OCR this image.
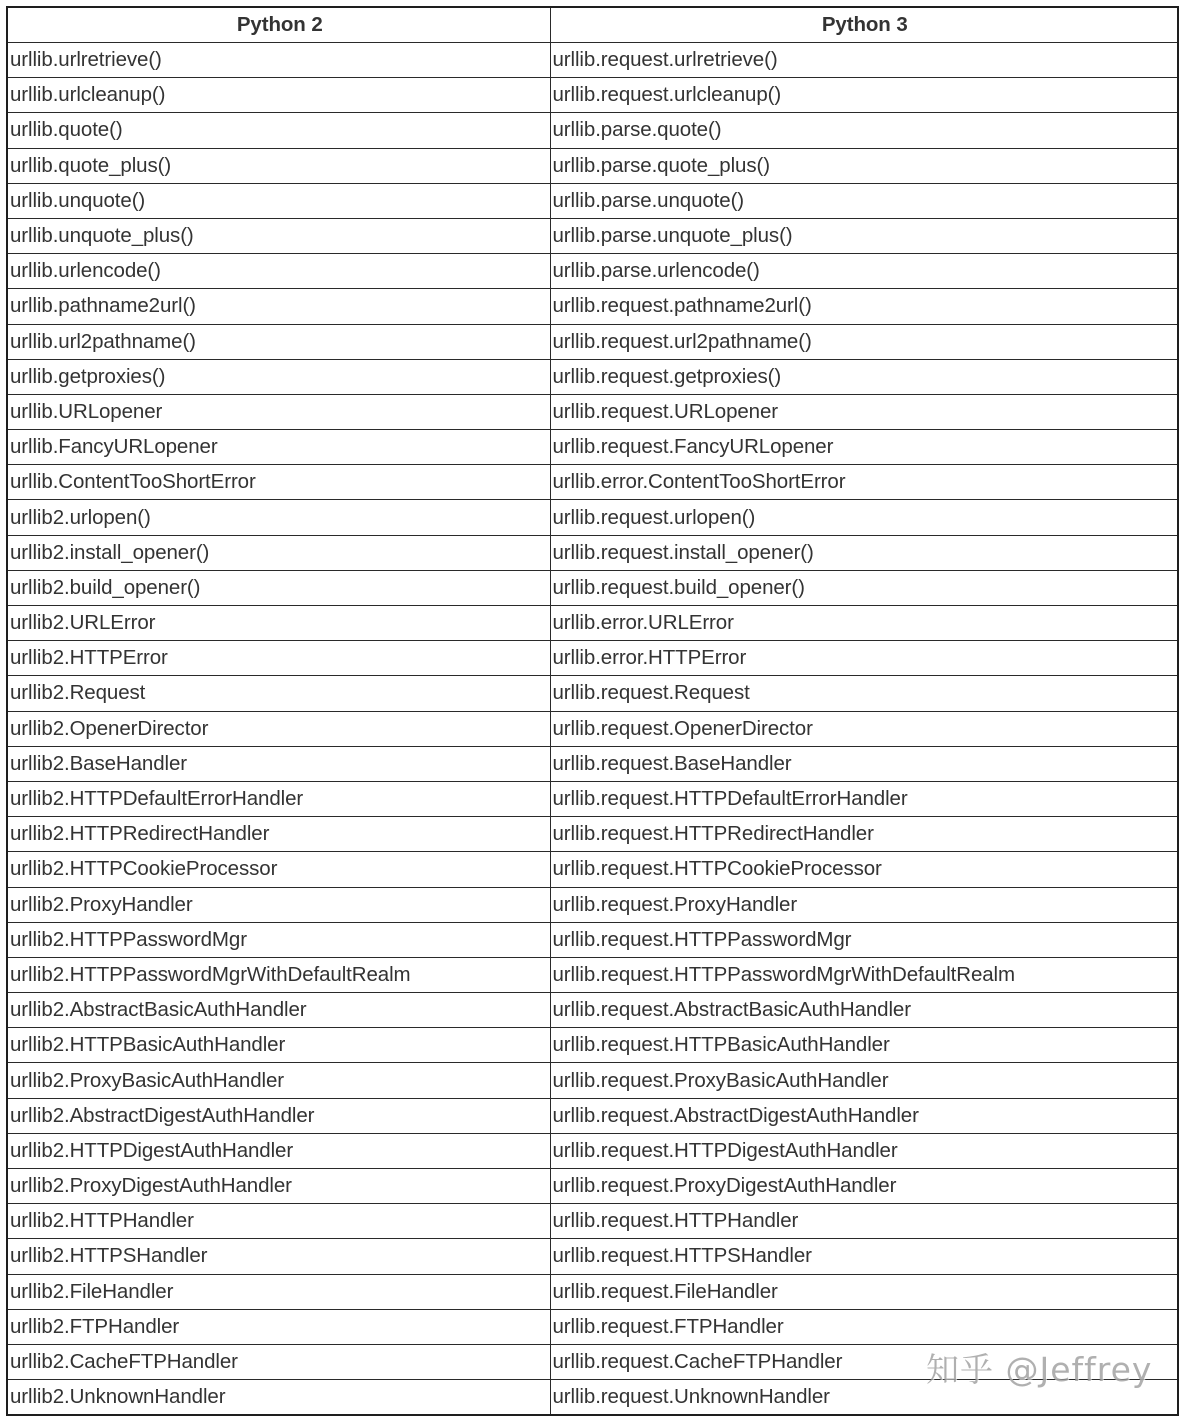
Python 2	Python 3
urllib.urlretrieve()	urllib.request.urlretrieve()
urllib.urlcleanup()	urllib.request.urlcleanup()
urllib.quote()	urllib.parse.quote()
urllib.quote_plus()	urllib.parse.quote_plus()
urllib.unquote()	urllib.parse.unquote()
urllib.unquote_plus()	urllib.parse.unquote_plus()
urllib.urlencode()	urllib.parse.urlencode()
urllib.pathname2url()	urllib.request.pathname2url()
urllib.url2pathname()	urllib.request.url2pathname()
urllib.getproxies()	urllib.request.getproxies()
urllib.URLopener	urllib.request.URLopener
urllib.FancyURLopener	urllib.request.FancyURLopener
urllib.ContentTooShortError	urllib.error.ContentTooShortError
urllib2.urlopen()	urllib.request.urlopen()
urllib2.install_opener()	urllib.request.install_opener()
urllib2.build_opener()	urllib.request.build_opener()
urllib2.URLError	urllib.error.URLError
urllib2.HTTPError	urllib.error.HTTPError
urllib2.Request	urllib.request.Request
urllib2.OpenerDirector	urllib.request.OpenerDirector
urllib2.BaseHandler	urllib.request.BaseHandler
urllib2.HTTPDefaultErrorHandler	urllib.request.HTTPDefaultErrorHandler
urllib2.HTTPRedirectHandler	urllib.request.HTTPRedirectHandler
urllib2.HTTPCookieProcessor	urllib.request.HTTPCookieProcessor
urllib2.ProxyHandler	urllib.request.ProxyHandler
urllib2.HTTPPasswordMgr	urllib.request.HTTPPasswordMgr
urllib2.HTTPPasswordMgrWithDefaultRealm	urllib.request.HTTPPasswordMgrWithDefaultRealm
urllib2.AbstractBasicAuthHandler	urllib.request.AbstractBasicAuthHandler
urllib2.HTTPBasicAuthHandler	urllib.request.HTTPBasicAuthHandler
urllib2.ProxyBasicAuthHandler	urllib.request.ProxyBasicAuthHandler
urllib2.AbstractDigestAuthHandler	urllib.request.AbstractDigestAuthHandler
urllib2.HTTPDigestAuthHandler	urllib.request.HTTPDigestAuthHandler
urllib2.ProxyDigestAuthHandler	urllib.request.ProxyDigestAuthHandler
urllib2.HTTPHandler	urllib.request.HTTPHandler
urllib2.HTTPSHandler	urllib.request.HTTPSHandler
urllib2.FileHandler	urllib.request.FileHandler
urllib2.FTPHandler	urllib.request.FTPHandler
urllib2.CacheFTPHandler	urllib.request.CacheFTPHandler
urllib2.UnknownHandler	urllib.request.UnknownHandler
知乎 @Jeffrey
